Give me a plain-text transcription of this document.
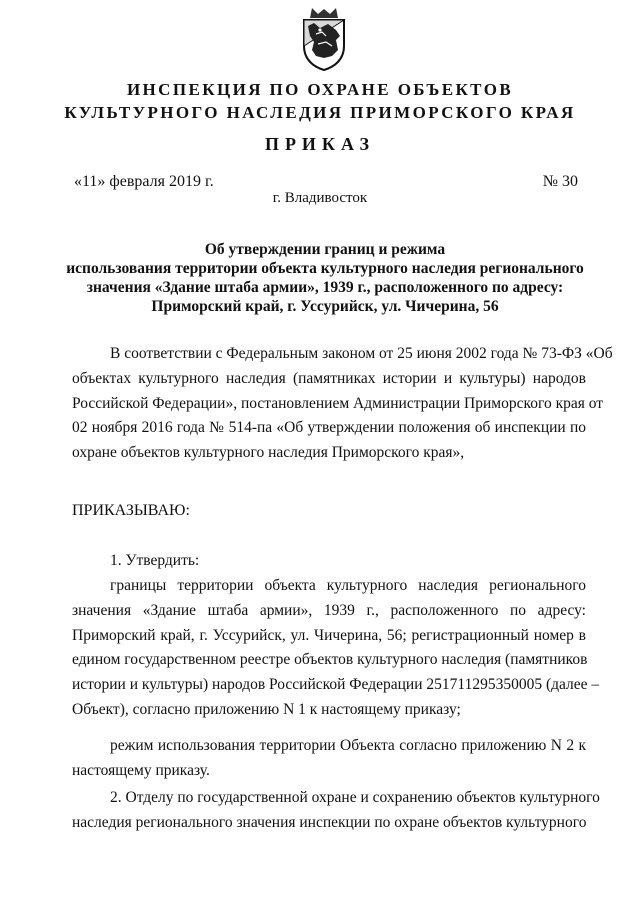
ИНСПЕКЦИЯ ПО ОХРАНЕ ОБЪЕКТОВ
КУЛЬТУРНОГО НАСЛЕДИЯ ПРИМОРСКОГО КРАЯ
ПРИКАЗ
«11» февраля 2019 г.	№ 30
г. Владивосток
Об утверждении границ и режима
использования территории объекта культурного наследия регионального
значения «Здание штаба армии», 1939 г., расположенного по адресу:
Приморский край, г. Уссурийск, ул. Чичерина, 56
В соответствии с Федеральным законом от 25 июня 2002 года № 73-ФЗ «Об
объектах культурного наследия (памятниках истории и культуры) народов
Российской Федерации», постановлением Администрации Приморского края от
02 ноября 2016 года № 514-па «Об утверждении положения об инспекции по
охране объектов культурного наследия Приморского края»,
ПРИКАЗЫВАЮ:
1. Утвердить:
границы территории объекта культурного наследия регионального
значения «Здание штаба армии», 1939 г., расположенного по адресу:
Приморский край, г. Уссурийск, ул. Чичерина, 56; регистрационный номер в
едином государственном реестре объектов культурного наследия (памятников
истории и культуры) народов Российской Федерации 251711295350005 (далее –
Объект), согласно приложению N 1 к настоящему приказу;
режим использования территории Объекта согласно приложению N 2 к
настоящему приказу.
2. Отделу по государственной охране и сохранению объектов культурного
наследия регионального значения инспекции по охране объектов культурного
